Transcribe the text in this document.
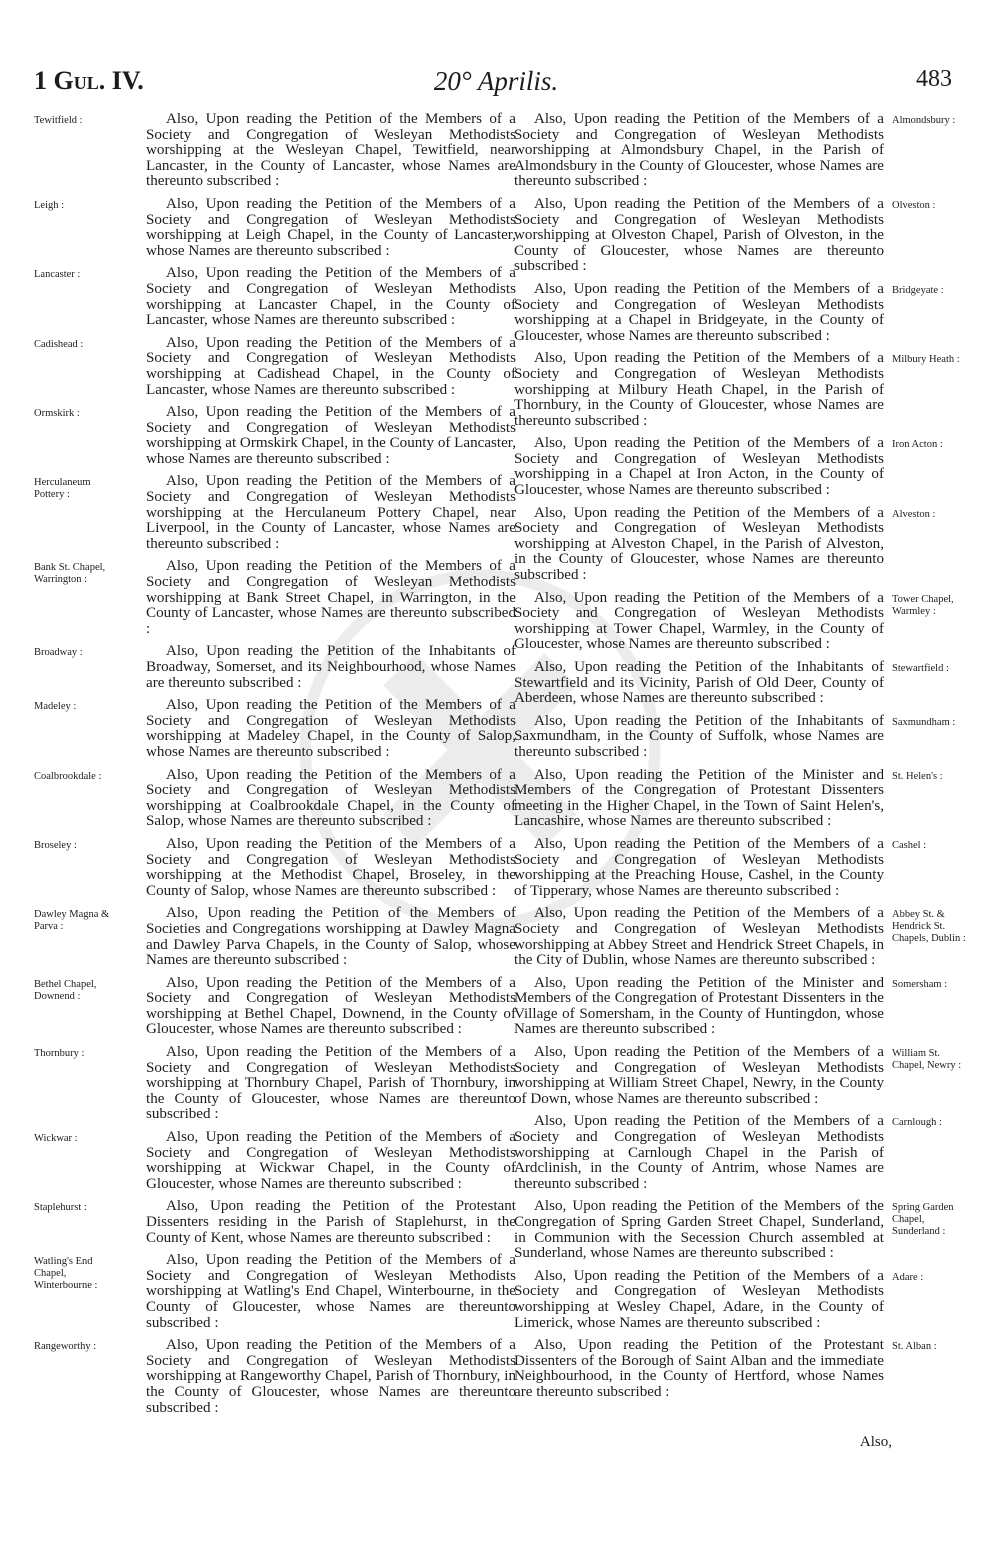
1 Gul. IV.	20° Aprilis.	483
Tewitfield :	Also, Upon reading the Petition of the Members of a Society and Congregation of Wesleyan Methodists worshipping at the Wesleyan Chapel, Tewitfield, near Lancaster, in the County of Lancaster, whose Names are thereunto subscribed :
Leigh :	Also, Upon reading the Petition of the Members of a Society and Congregation of Wesleyan Methodists worshipping at Leigh Chapel, in the County of Lancaster, whose Names are thereunto subscribed :
Lancaster :	Also, Upon reading the Petition of the Members of a Society and Congregation of Wesleyan Methodists worshipping at Lancaster Chapel, in the County of Lancaster, whose Names are thereunto subscribed :
Cadishead :	Also, Upon reading the Petition of the Members of a Society and Congregation of Wesleyan Methodists worshipping at Cadishead Chapel, in the County of Lancaster, whose Names are thereunto subscribed :
Ormskirk :	Also, Upon reading the Petition of the Members of a Society and Congregation of Wesleyan Methodists worshipping at Ormskirk Chapel, in the County of Lancaster, whose Names are thereunto subscribed :
Herculaneum Pottery :
Also, Upon reading the Petition of the Members of a Society and Congregation of Wesleyan Methodists worshipping at the Herculaneum Pottery Chapel, near Liverpool, in the County of Lancaster, whose Names are thereunto subscribed :
Bank St. Chapel, Warrington :
Also, Upon reading the Petition of the Members of a Society and Congregation of Wesleyan Methodists worshipping at Bank Street Chapel, in Warrington, in the County of Lancaster, whose Names are thereunto subscribed :
Broadway :	Also, Upon reading the Petition of the Inhabitants of Broadway, Somerset, and its Neighbourhood, whose Names are thereunto subscribed :
Madeley :	Also, Upon reading the Petition of the Members of a Society and Congregation of Wesleyan Methodists worshipping at Madeley Chapel, in the County of Salop, whose Names are thereunto subscribed :
Coalbrookdale :	Also, Upon reading the Petition of the Members of a Society and Congregation of Wesleyan Methodists worshipping at Coalbrookdale Chapel, in the County of Salop, whose Names are thereunto subscribed :
Broseley :	Also, Upon reading the Petition of the Members of a Society and Congregation of Wesleyan Methodists worshipping at the Methodist Chapel, Broseley, in the County of Salop, whose Names are thereunto subscribed :
Dawley Magna & Parva :
Also, Upon reading the Petition of the Members of Societies and Congregations worshipping at Dawley Magna and Dawley Parva Chapels, in the County of Salop, whose Names are thereunto subscribed :
Bethel Chapel, Downend :
Also, Upon reading the Petition of the Members of a Society and Congregation of Wesleyan Methodists worshipping at Bethel Chapel, Downend, in the County of Gloucester, whose Names are thereunto subscribed :
Thornbury :	Also, Upon reading the Petition of the Members of a Society and Congregation of Wesleyan Methodists worshipping at Thornbury Chapel, Parish of Thornbury, in the County of Gloucester, whose Names are thereunto subscribed :
Wickwar :	Also, Upon reading the Petition of the Members of a Society and Congregation of Wesleyan Methodists worshipping at Wickwar Chapel, in the County of Gloucester, whose Names are thereunto subscribed :
Staplehurst :	Also, Upon reading the Petition of the Protestant Dissenters residing in the Parish of Staplehurst, in the County of Kent, whose Names are thereunto subscribed :
Watling's End Chapel, Winterbourne :
Also, Upon reading the Petition of the Members of a Society and Congregation of Wesleyan Methodists worshipping at Watling's End Chapel, Winterbourne, in the County of Gloucester, whose Names are thereunto subscribed :
Rangeworthy :	Also, Upon reading the Petition of the Members of a Society and Congregation of Wesleyan Methodists worshipping at Rangeworthy Chapel, Parish of Thornbury, in the County of Gloucester, whose Names are thereunto subscribed :
Almondsbury :
Also, Upon reading the Petition of the Members of a Society and Congregation of Wesleyan Methodists worshipping at Almondsbury Chapel, in the Parish of Almondsbury in the County of Gloucester, whose Names are thereunto subscribed :
Olveston :
Also, Upon reading the Petition of the Members of a Society and Congregation of Wesleyan Methodists worshipping at Olveston Chapel, Parish of Olveston, in the County of Gloucester, whose Names are thereunto subscribed :
Bridgeyate :
Also, Upon reading the Petition of the Members of a Society and Congregation of Wesleyan Methodists worshipping at a Chapel in Bridgeyate, in the County of Gloucester, whose Names are thereunto subscribed :
Milbury Heath :
Also, Upon reading the Petition of the Members of a Society and Congregation of Wesleyan Methodists worshipping at Milbury Heath Chapel, in the Parish of Thornbury, in the County of Gloucester, whose Names are thereunto subscribed :
Iron Acton :
Also, Upon reading the Petition of the Members of a Society and Congregation of Wesleyan Methodists worshipping in a Chapel at Iron Acton, in the County of Gloucester, whose Names are thereunto subscribed :
Alveston :
Also, Upon reading the Petition of the Members of a Society and Congregation of Wesleyan Methodists worshipping at Alveston Chapel, in the Parish of Alveston, in the County of Gloucester, whose Names are thereunto subscribed :
Tower Chapel, Warmley :
Also, Upon reading the Petition of the Members of a Society and Congregation of Wesleyan Methodists worshipping at Tower Chapel, Warmley, in the County of Gloucester, whose Names are thereunto subscribed :
Stewartfield :
Also, Upon reading the Petition of the Inhabitants of Stewartfield and its Vicinity, Parish of Old Deer, County of Aberdeen, whose Names are thereunto subscribed :
Saxmundham :
Also, Upon reading the Petition of the Inhabitants of Saxmundham, in the County of Suffolk, whose Names are thereunto subscribed :
St. Helen's :
Also, Upon reading the Petition of the Minister and Members of the Congregation of Protestant Dissenters meeting in the Higher Chapel, in the Town of Saint Helen's, Lancashire, whose Names are thereunto subscribed :
Cashel :
Also, Upon reading the Petition of the Members of a Society and Congregation of Wesleyan Methodists worshipping at the Preaching House, Cashel, in the County of Tipperary, whose Names are thereunto subscribed :
Abbey St. & Hendrick St. Chapels, Dublin :
Also, Upon reading the Petition of the Members of a Society and Congregation of Wesleyan Methodists worshipping at Abbey Street and Hendrick Street Chapels, in the City of Dublin, whose Names are thereunto subscribed :
Somersham :
Also, Upon reading the Petition of the Minister and Members of the Congregation of Protestant Dissenters in the Village of Somersham, in the County of Huntingdon, whose Names are thereunto subscribed :
William St. Chapel, Newry :
Also, Upon reading the Petition of the Members of a Society and Congregation of Wesleyan Methodists worshipping at William Street Chapel, Newry, in the County of Down, whose Names are thereunto subscribed :
Carnlough :
Also, Upon reading the Petition of the Members of a Society and Congregation of Wesleyan Methodists worshipping at Carnlough Chapel in the Parish of Ardclinish, in the County of Antrim, whose Names are thereunto subscribed :
Spring Garden Chapel, Sunderland :
Also, Upon reading the Petition of the Members of the Congregation of Spring Garden Street Chapel, Sunderland, in Communion with the Secession Church assembled at Sunderland, whose Names are thereunto subscribed :
Adare :
Also, Upon reading the Petition of the Members of a Society and Congregation of Wesleyan Methodists worshipping at Wesley Chapel, Adare, in the County of Limerick, whose Names are thereunto subscribed :
St. Alban :
Also, Upon reading the Petition of the Protestant Dissenters of the Borough of Saint Alban and the immediate Neighbourhood, in the County of Hertford, whose Names are thereunto subscribed :
Also,
